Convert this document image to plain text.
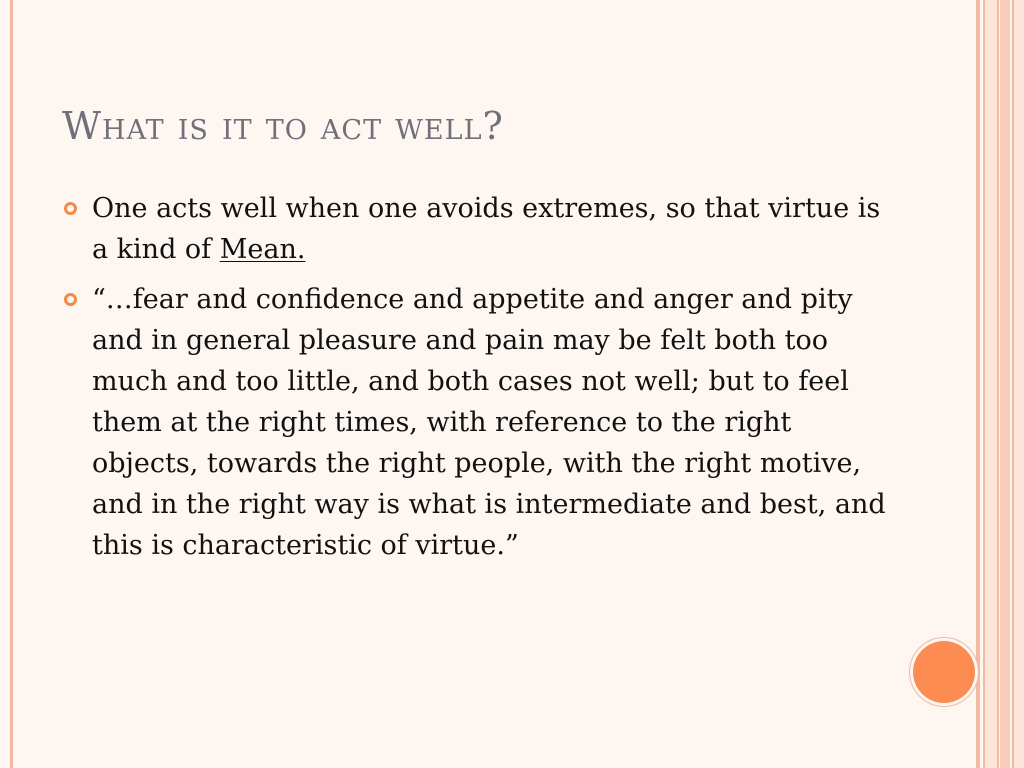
What is it to act well?

One acts well when one avoids extremes, so that virtue is a kind of Mean.

“…fear and confidence and appetite and anger and pity and in general pleasure and pain may be felt both too much and too little, and both cases not well; but to feel them at the right times, with reference to the right objects, towards the right people, with the right motive, and in the right way is what is intermediate and best, and this is characteristic of virtue.”
